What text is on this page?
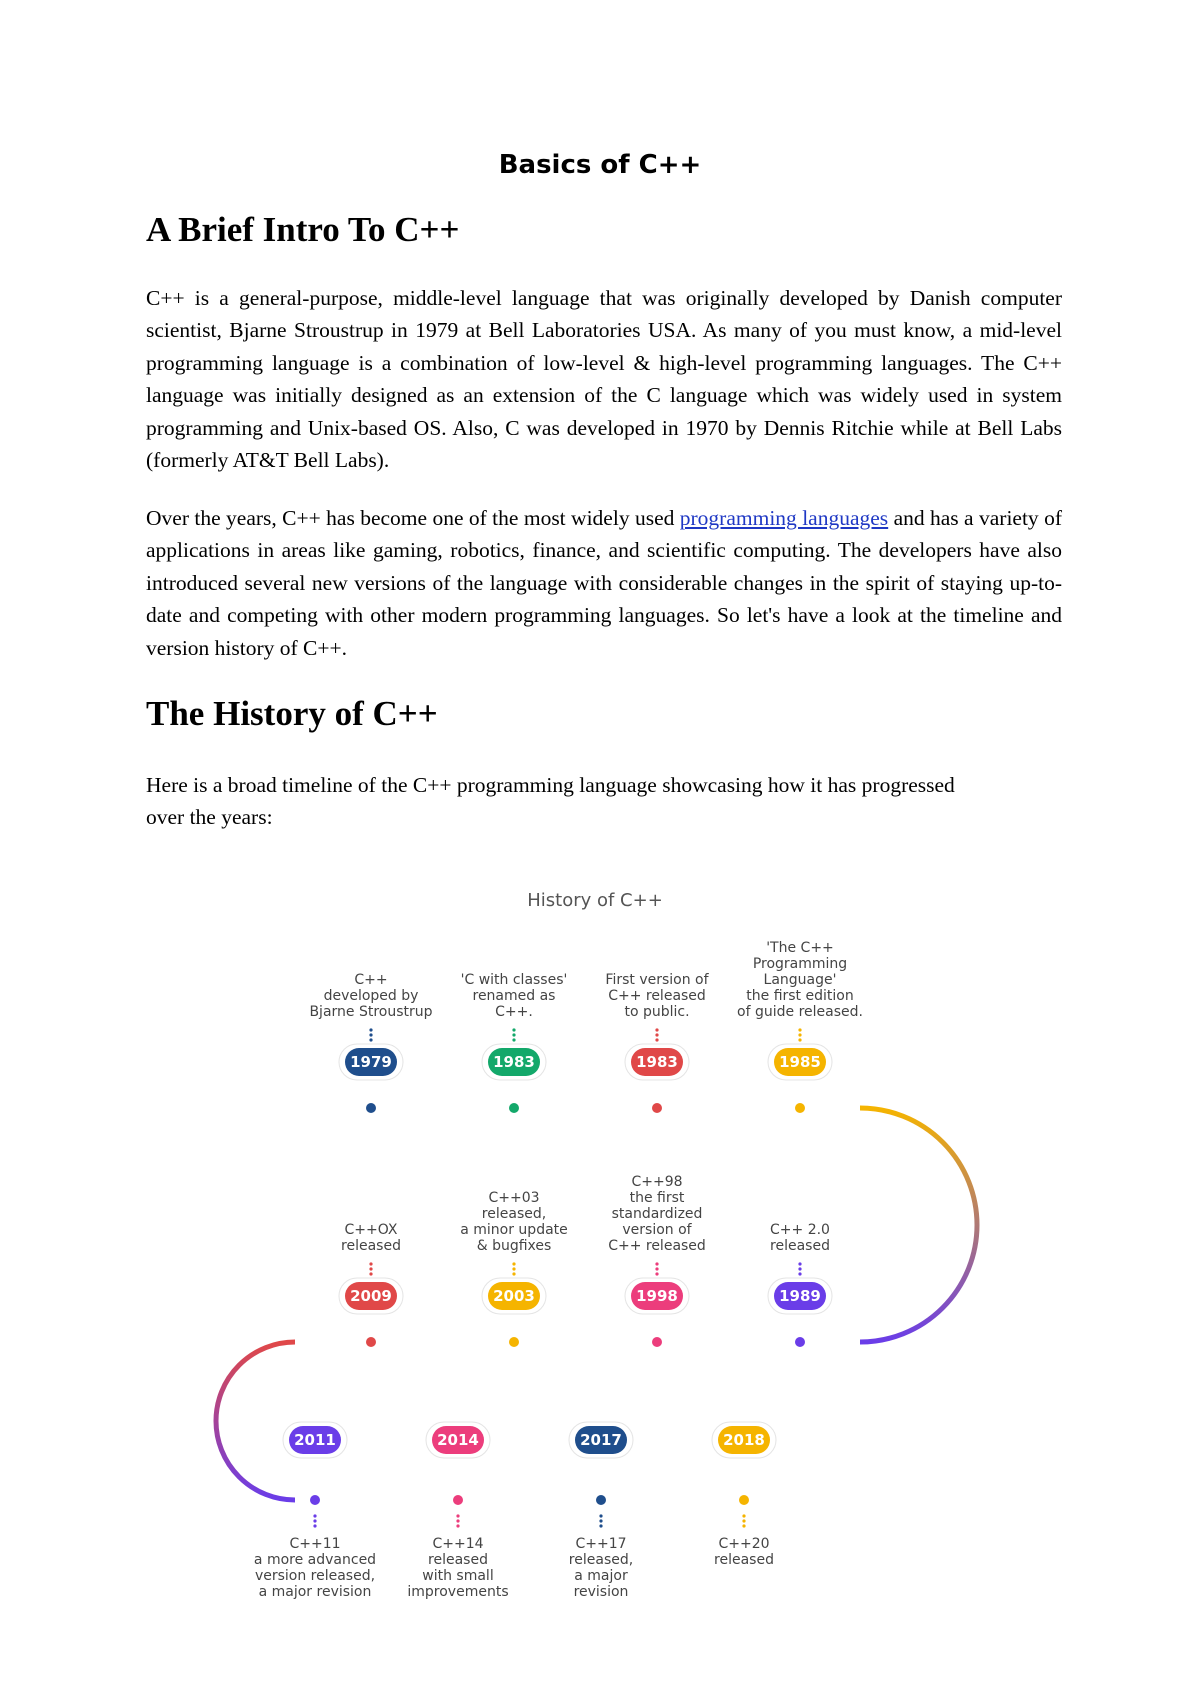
Basics of C++
A Brief Intro To C++

C++ is a general-purpose, middle-level language that was originally developed by Danish computer scientist, Bjarne Stroustrup in 1979 at Bell Laboratories USA. As many of you must know, a mid-level programming language is a combination of low-level & high-level programming languages. The C++ language was initially designed as an extension of the C language which was widely used in system programming and Unix-based OS. Also, C was developed in 1970 by Dennis Ritchie while at Bell Labs (formerly AT&T Bell Labs).

Over the years, C++ has become one of the most widely used programming languages and has a variety of applications in areas like gaming, robotics, finance, and scientific computing. The developers have also introduced several new versions of the language with considerable changes in the spirit of staying up-to-date and competing with other modern programming languages. So let's have a look at the timeline and version history of C++.

The History of C++

Here is a broad timeline of the C++ programming language showcasing how it has progressed over the years:

History of C++
1979
C++
developed by
Bjarne Stroustrup
1983
'C with classes'
renamed as
C++.
1983
First version of
C++ released
to public.
1985
'The C++
Programming
Language'
the first edition
of guide released.
1989
C++ 2.0
released
1998
C++98
the first
standardized
version of
C++ released
2003
C++03
released,
a minor update
& bugfixes
2009
C++OX
released
2011
C++11
a more advanced
version released,
a major revision
2014
C++14
released
with small
improvements
2017
C++17
released,
a major
revision
2018
C++20
released
